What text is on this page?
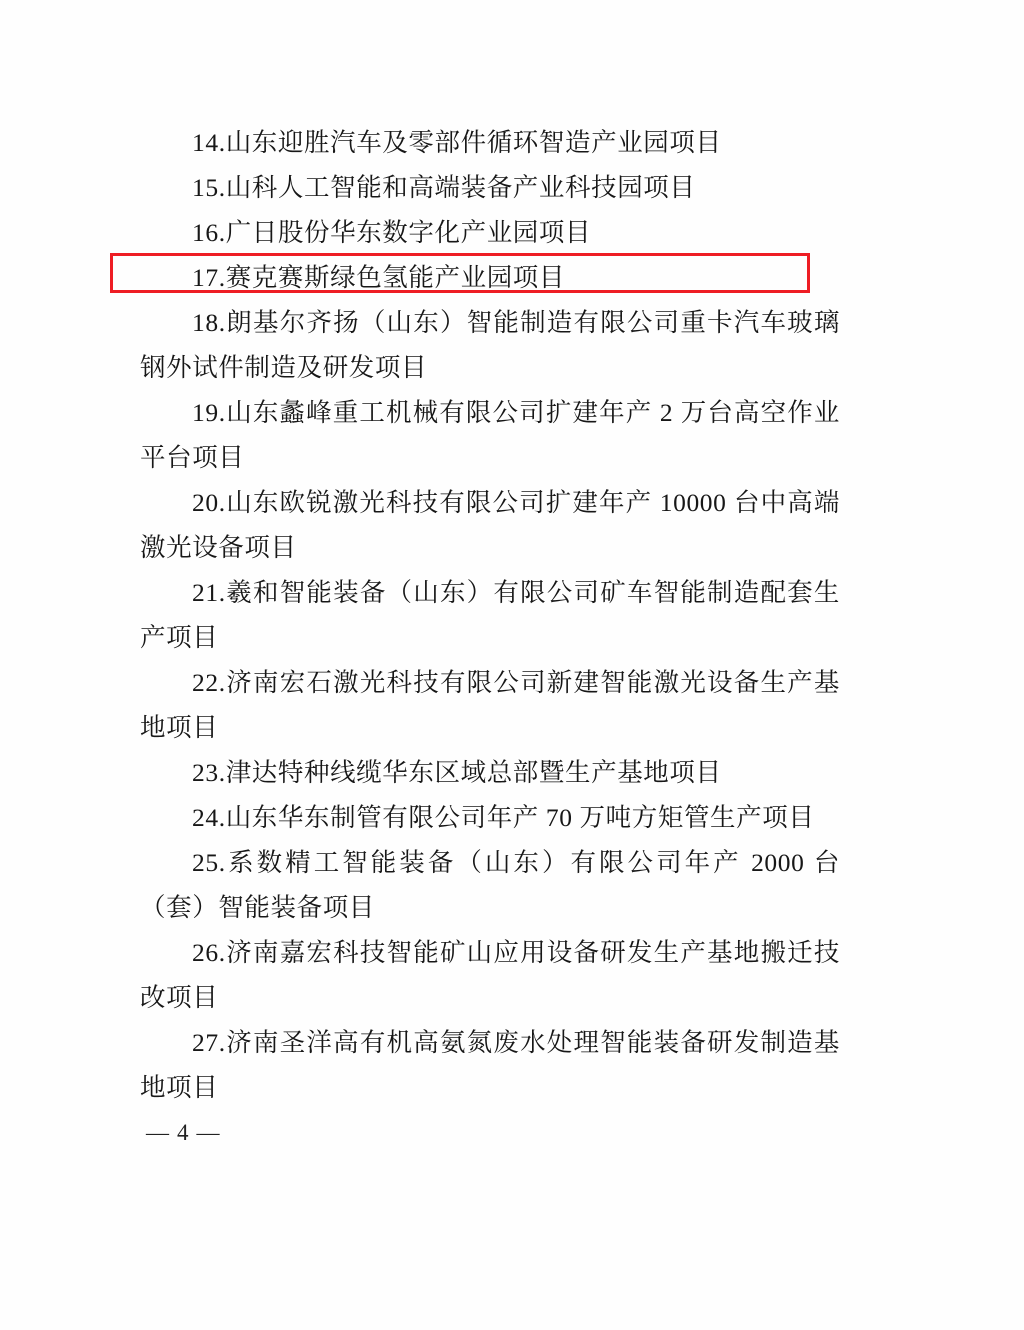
14.山东迎胜汽车及零部件循环智造产业园项目

15.山科人工智能和高端装备产业科技园项目

16.广日股份华东数字化产业园项目

17.赛克赛斯绿色氢能产业园项目

18.朗基尔齐扬（山东）智能制造有限公司重卡汽车玻璃钢外试件制造及研发项目

19.山东蠡峰重工机械有限公司扩建年产 2 万台高空作业平台项目

20.山东欧锐激光科技有限公司扩建年产 10000 台中高端激光设备项目

21.羲和智能装备（山东）有限公司矿车智能制造配套生产项目

22.济南宏石激光科技有限公司新建智能激光设备生产基地项目

23.津达特种线缆华东区域总部暨生产基地项目

24.山东华东制管有限公司年产 70 万吨方矩管生产项目

25.系数精工智能装备（山东）有限公司年产 2000 台（套）智能装备项目

26.济南嘉宏科技智能矿山应用设备研发生产基地搬迁技改项目

27.济南圣洋高有机高氨氮废水处理智能装备研发制造基地项目

— 4 —
